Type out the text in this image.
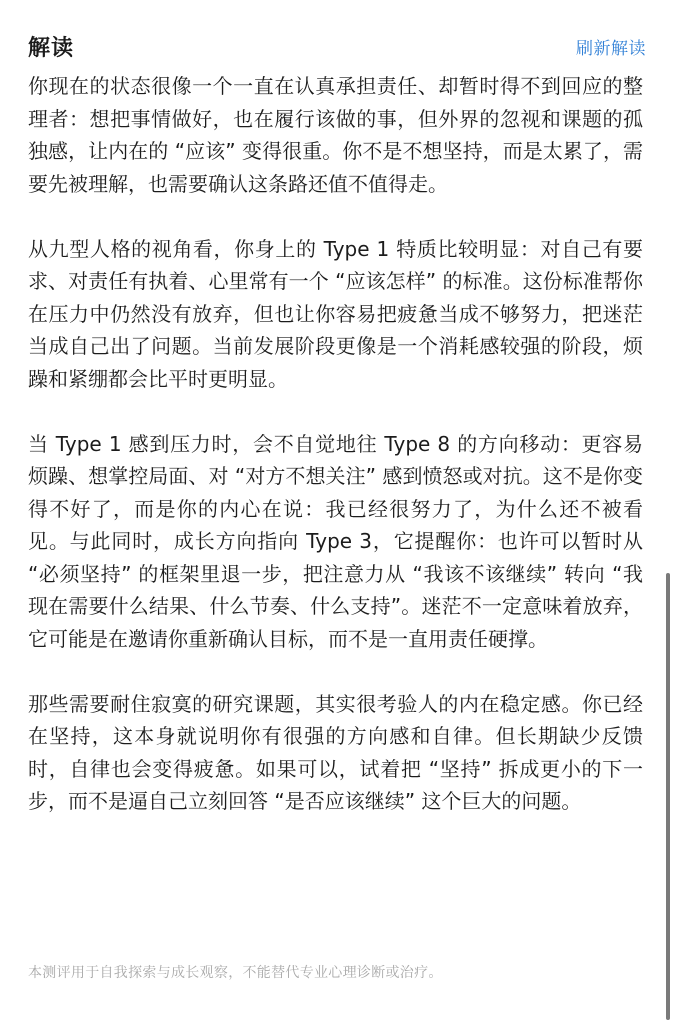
解读	刷新解读

你现在的状态很像一个一直在认真承担责任、却暂时得不到回应的整理者：想把事情做好，也在履行该做的事，但外界的忽视和课题的孤独感，让内在的 “应该” 变得很重。你不是不想坚持，而是太累了，需要先被理解，也需要确认这条路还值不值得走。

从九型人格的视角看，你身上的 Type 1 特质比较明显：对自己有要求、对责任有执着、心里常有一个 “应该怎样” 的标准。这份标准帮你在压力中仍然没有放弃，但也让你容易把疲惫当成不够努力，把迷茫当成自己出了问题。当前发展阶段更像是一个消耗感较强的阶段，烦躁和紧绷都会比平时更明显。

当 Type 1 感到压力时，会不自觉地往 Type 8 的方向移动：更容易烦躁、想掌控局面、对 “对方不想关注” 感到愤怒或对抗。这不是你变得不好了，而是你的内心在说：我已经很努力了，为什么还不被看见。与此同时，成长方向指向 Type 3，它提醒你：也许可以暂时从 “必须坚持” 的框架里退一步，把注意力从 “我该不该继续” 转向 “我现在需要什么结果、什么节奏、什么支持”。迷茫不一定意味着放弃，它可能是在邀请你重新确认目标，而不是一直用责任硬撑。

那些需要耐住寂寞的研究课题，其实很考验人的内在稳定感。你已经在坚持，这本身就说明你有很强的方向感和自律。但长期缺少反馈时，自律也会变得疲惫。如果可以，试着把 “坚持” 拆成更小的下一步，而不是逼自己立刻回答 “是否应该继续” 这个巨大的问题。

本测评用于自我探索与成长观察，不能替代专业心理诊断或治疗。
